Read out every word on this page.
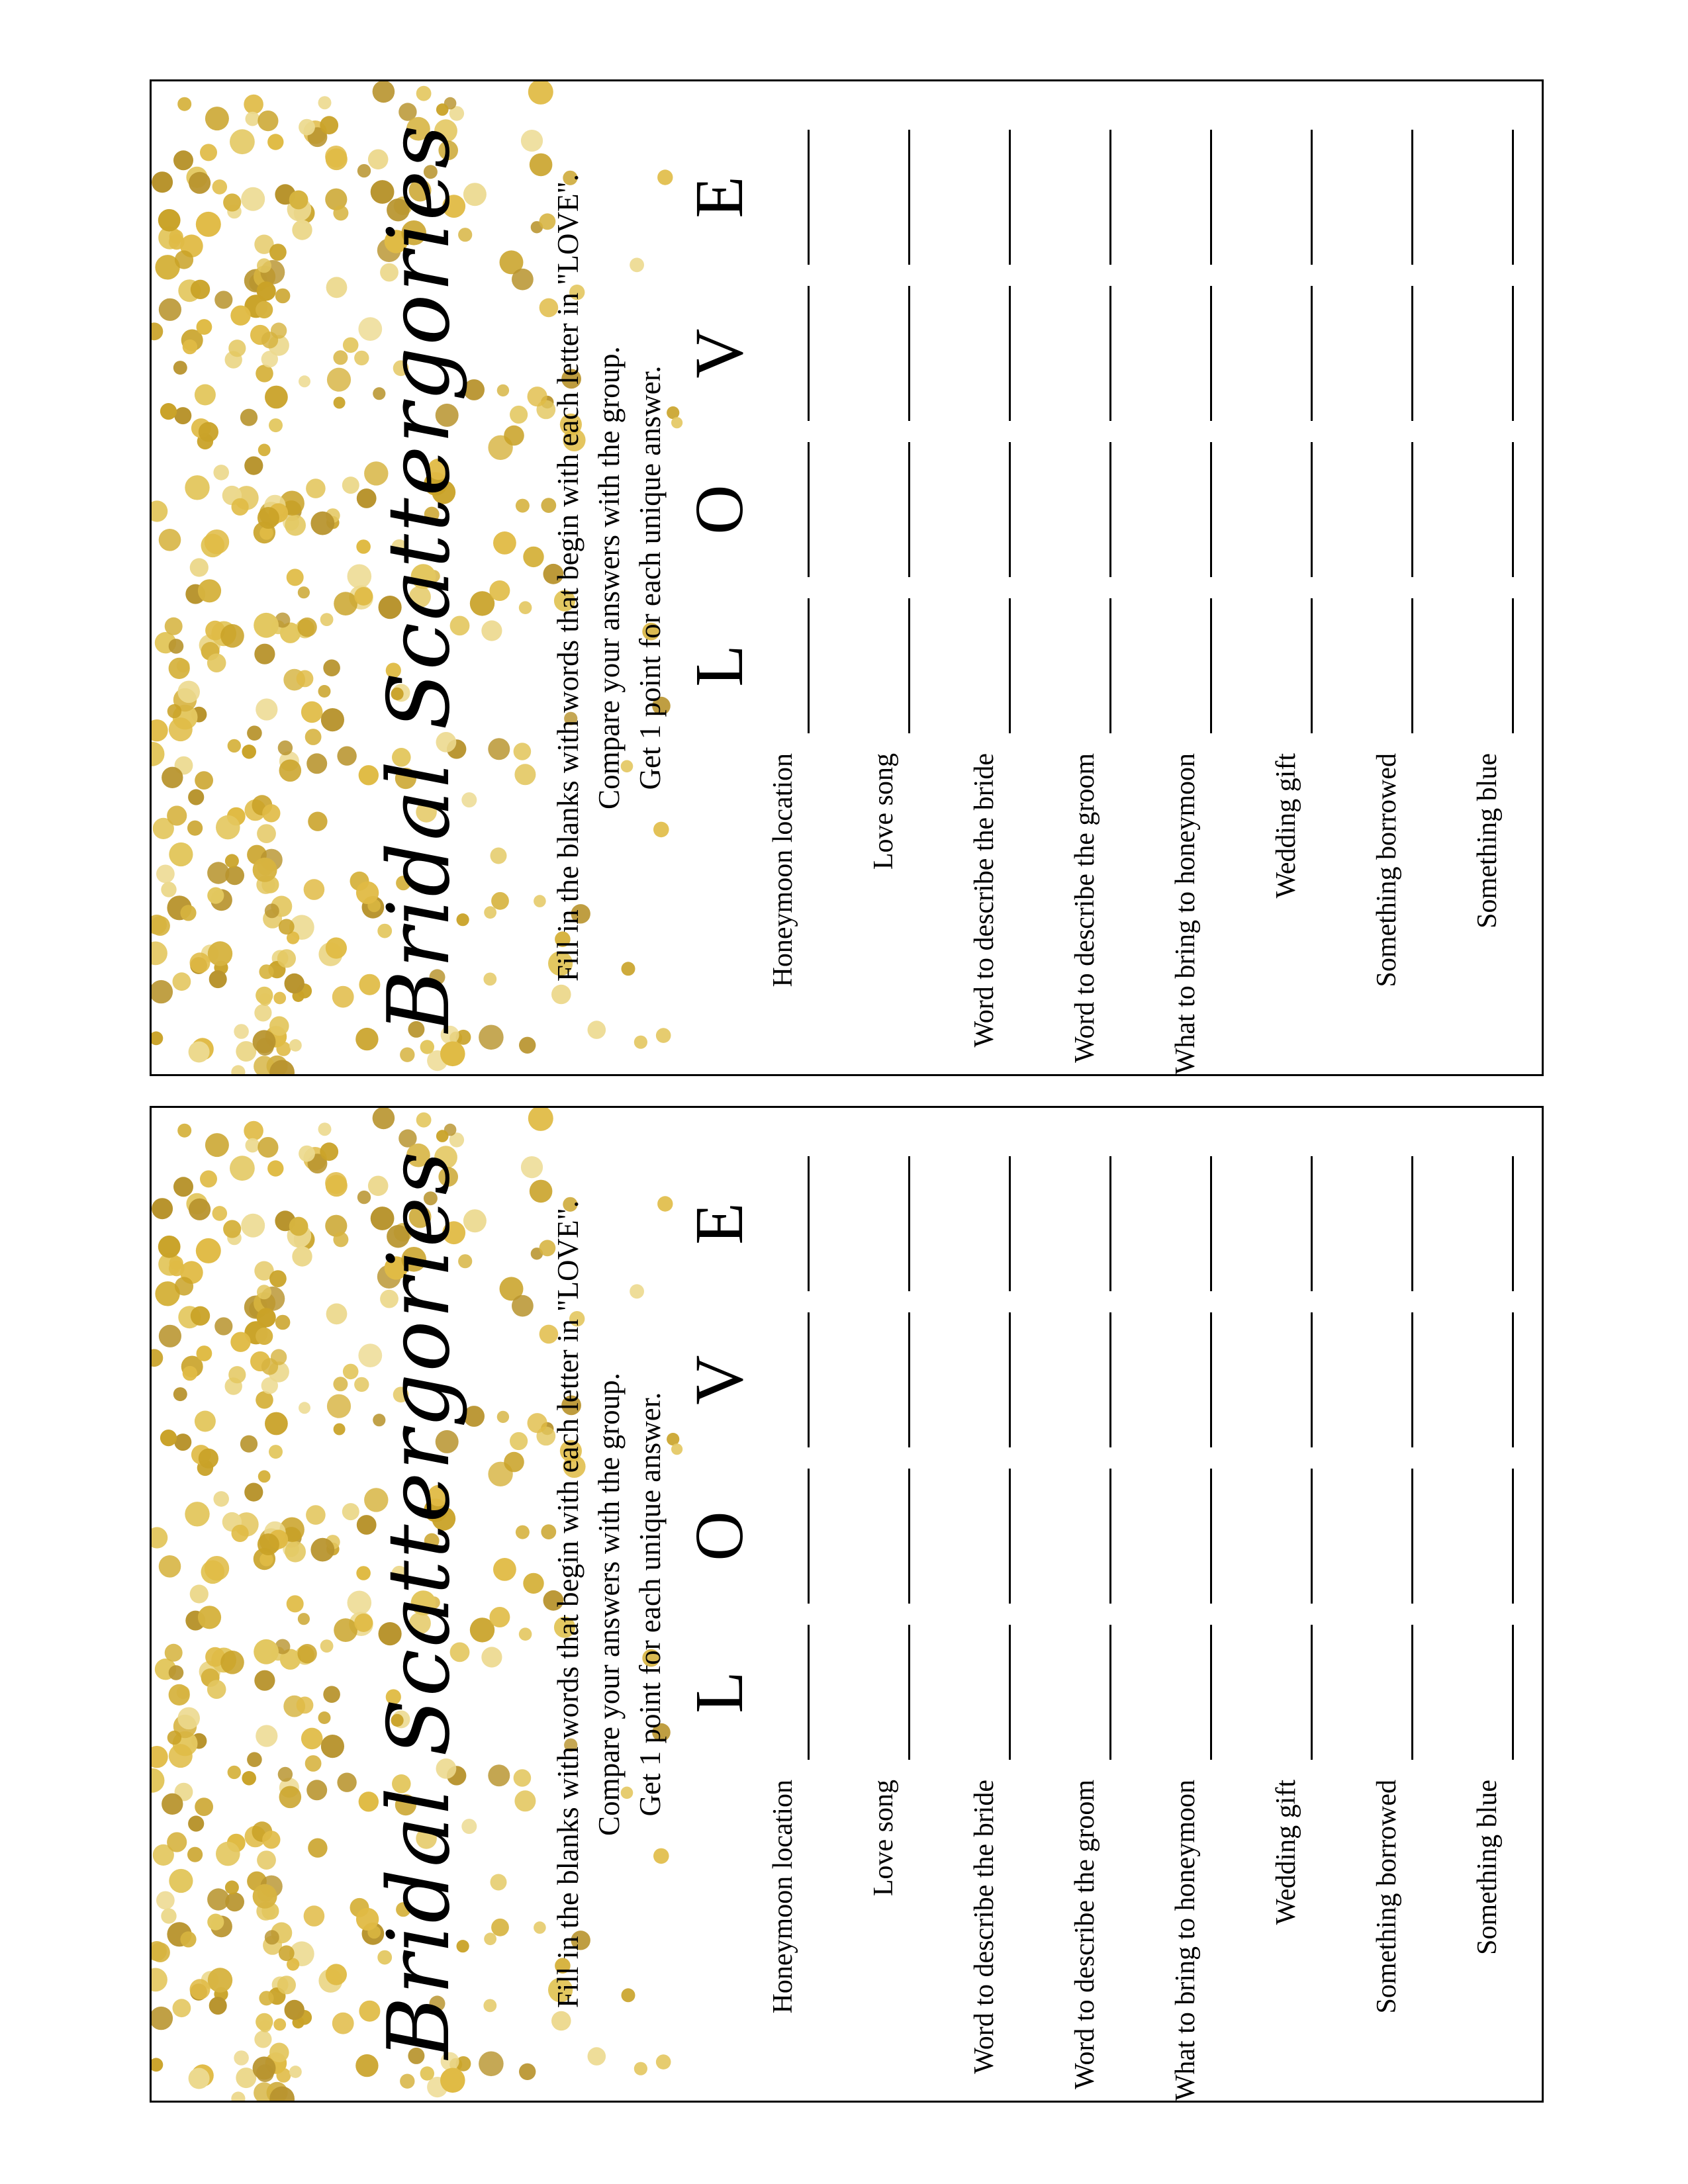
Bridal Scattergories	Fill in the blanks with words that begin with each letter in "LOVE". Compare your answers with the group. Get 1 point for each unique answer. L
O
V
E
Honeymoon location	Love song	Word to describe the bride	Word to describe the groom	What to bring to honeymoon	Wedding gift	Something borrowed	Something blue
Bridal Scattergories	Fill in the blanks with words that begin with each letter in "LOVE". Compare your answers with the group. Get 1 point for each unique answer. L
O
V
E
Honeymoon location	Love song	Word to describe the bride	Word to describe the groom	What to bring to honeymoon	Wedding gift	Something borrowed	Something blue
